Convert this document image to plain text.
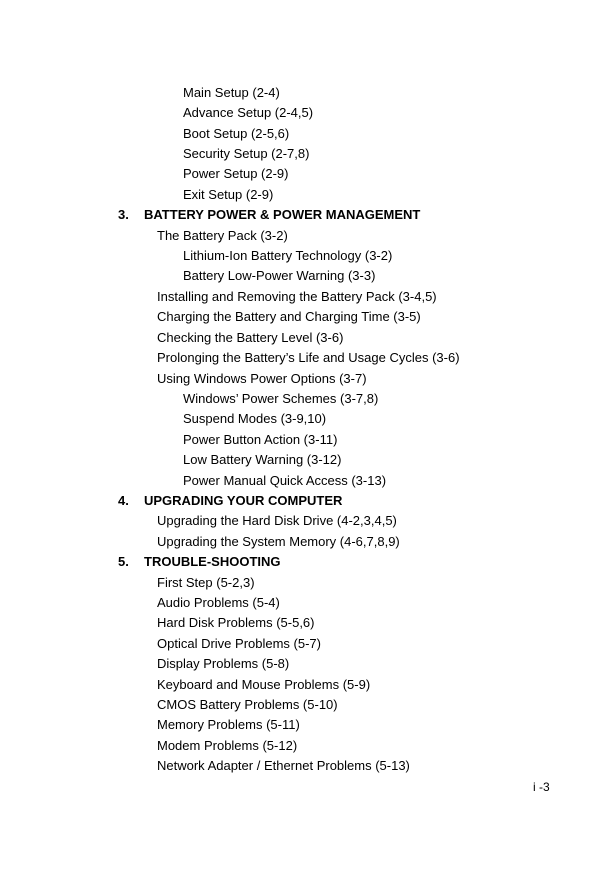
Main Setup (2-4)
Advance Setup (2-4,5)
Boot Setup (2-5,6)
Security Setup (2-7,8)
Power Setup (2-9)
Exit Setup (2-9)
3. BATTERY POWER & POWER MANAGEMENT
The Battery Pack (3-2)
Lithium-Ion Battery Technology (3-2)
Battery Low-Power Warning (3-3)
Installing and Removing the Battery Pack (3-4,5)
Charging the Battery and Charging Time (3-5)
Checking the Battery Level (3-6)
Prolonging the Battery’s Life and Usage Cycles (3-6)
Using Windows Power Options (3-7)
Windows’ Power Schemes (3-7,8)
Suspend Modes (3-9,10)
Power Button Action (3-11)
Low Battery Warning (3-12)
Power Manual Quick Access (3-13)
4. UPGRADING YOUR COMPUTER
Upgrading the Hard Disk Drive (4-2,3,4,5)
Upgrading the System Memory (4-6,7,8,9)
5. TROUBLE-SHOOTING
First Step (5-2,3)
Audio Problems (5-4)
Hard Disk Problems (5-5,6)
Optical Drive Problems (5-7)
Display Problems (5-8)
Keyboard and Mouse Problems (5-9)
CMOS Battery Problems (5-10)
Memory Problems (5-11)
Modem Problems (5-12)
Network Adapter / Ethernet Problems (5-13)
i -3
